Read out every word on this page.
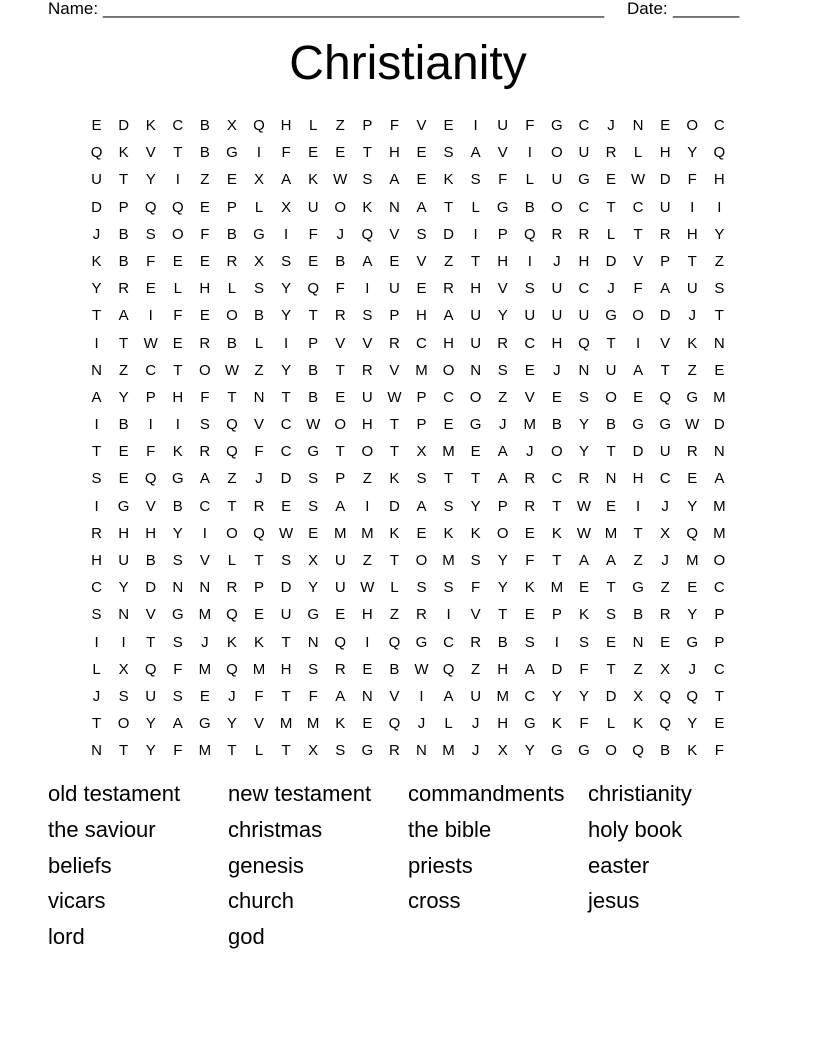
Name: _____________________________________________________ Date: _______
Christianity
E	D	K	C	B	X	Q	H	L	Z	P	F	V	E	I	U	F	G	C	J	N	E	O	C
Q	K	V	T	B	G	I	F	E	E	T	H	E	S	A	V	I	O	U	R	L	H	Y	Q
U	T	Y	I	Z	E	X	A	K W S	A	E	K	S	F	L	U	G	E W D	F	H
D	P	Q	Q	E	P	L	X	U	O	K	N	A	T	L	G	B	O	C	T	C	U	I	I
J	B	S	O	F	B	G	I	F	J	Q	V	S	D	I	P	Q	R	R	L	T	R	H	Y
K	B	F	E	E	R	X	S	E	B	A	E	V	Z	T	H	I	J	H	D	V	P	T	Z
Y	R	E	L	H	L	S	Y	Q	F	I	U	E	R	H	V	S	U	C	J	F	A	U	S
T	A	I	F	E	O	B	Y	T	R	S	P	H	A	U	Y	U	U	U	G	O	D	J	T
I	T	W E	R	B	L	I	P	V	V	R	C	H	U	R	C	H	Q	T	I	V	K	N
N	Z	C	T	O W	Z	Y	B	T	R	V	M	O	N	S	E	J	N	U	A	T	Z	E
A	Y	P	H	F	T	N	T	B	E	U W P	C	O	Z	V	E	S	O	E	Q	G M
I	B	I	I	S	Q	V	C W O	H	T	P	E	G	J	M	B	Y	B	G	G W D
T	E	F	K	R	Q	F	C	G	T	O	T	X	M	E	A	J	O	Y	T	D	U	R	N
S	E	Q	G	A	Z	J	D	S	P	Z	K	S	T	T	A	R	C	R	N	H	C	E	A
I	G	V	B	C	T	R	E	S	A	I	D	A	S	Y	P	R	T	W E	I	J	Y	M
R	H	H	Y	I	O	Q W E	M M	K	E	K	K	O	E	K W M	T	X	Q M
H	U	B	S	V	L	T	S	X	U	Z	T	O M	S	Y	F	T	A	A	Z	J	M	O
C	Y	D	N	N	R	P	D	Y	U W	L	S	S	F	Y	K	M	E	T	G	Z	E	C
S	N	V	G M	Q	E	U	G	E	H	Z	R	I	V	T	E	P	K	S	B	R	Y	P
I	I	T	S	J	K	K	T	N	Q	I	Q	G	C	R	B	S	I	S	E	N	E	G	P
L	X	Q	F	M	Q M	H	S	R	E	B W Q	Z	H	A	D	F	T	Z	X	J	C
J	S	U	S	E	J	F	T	F	A	N	V	I	A	U	M	C	Y	Y	D	X	Q	Q	T
T	O	Y	A	G	Y	V	M M	K	E	Q	J	L	J	H	G	K	F	L	K	Q	Y	E
N	T	Y	F	M	T	L	T	X	S	G	R	N	M	J	X	Y	G	G	O	Q	B	K	F
old testament	new testament	commandments	christianity
the saviour	christmas	the bible	holy book
beliefs	genesis	priests	easter
vicars	church	cross	jesus
lord	god
